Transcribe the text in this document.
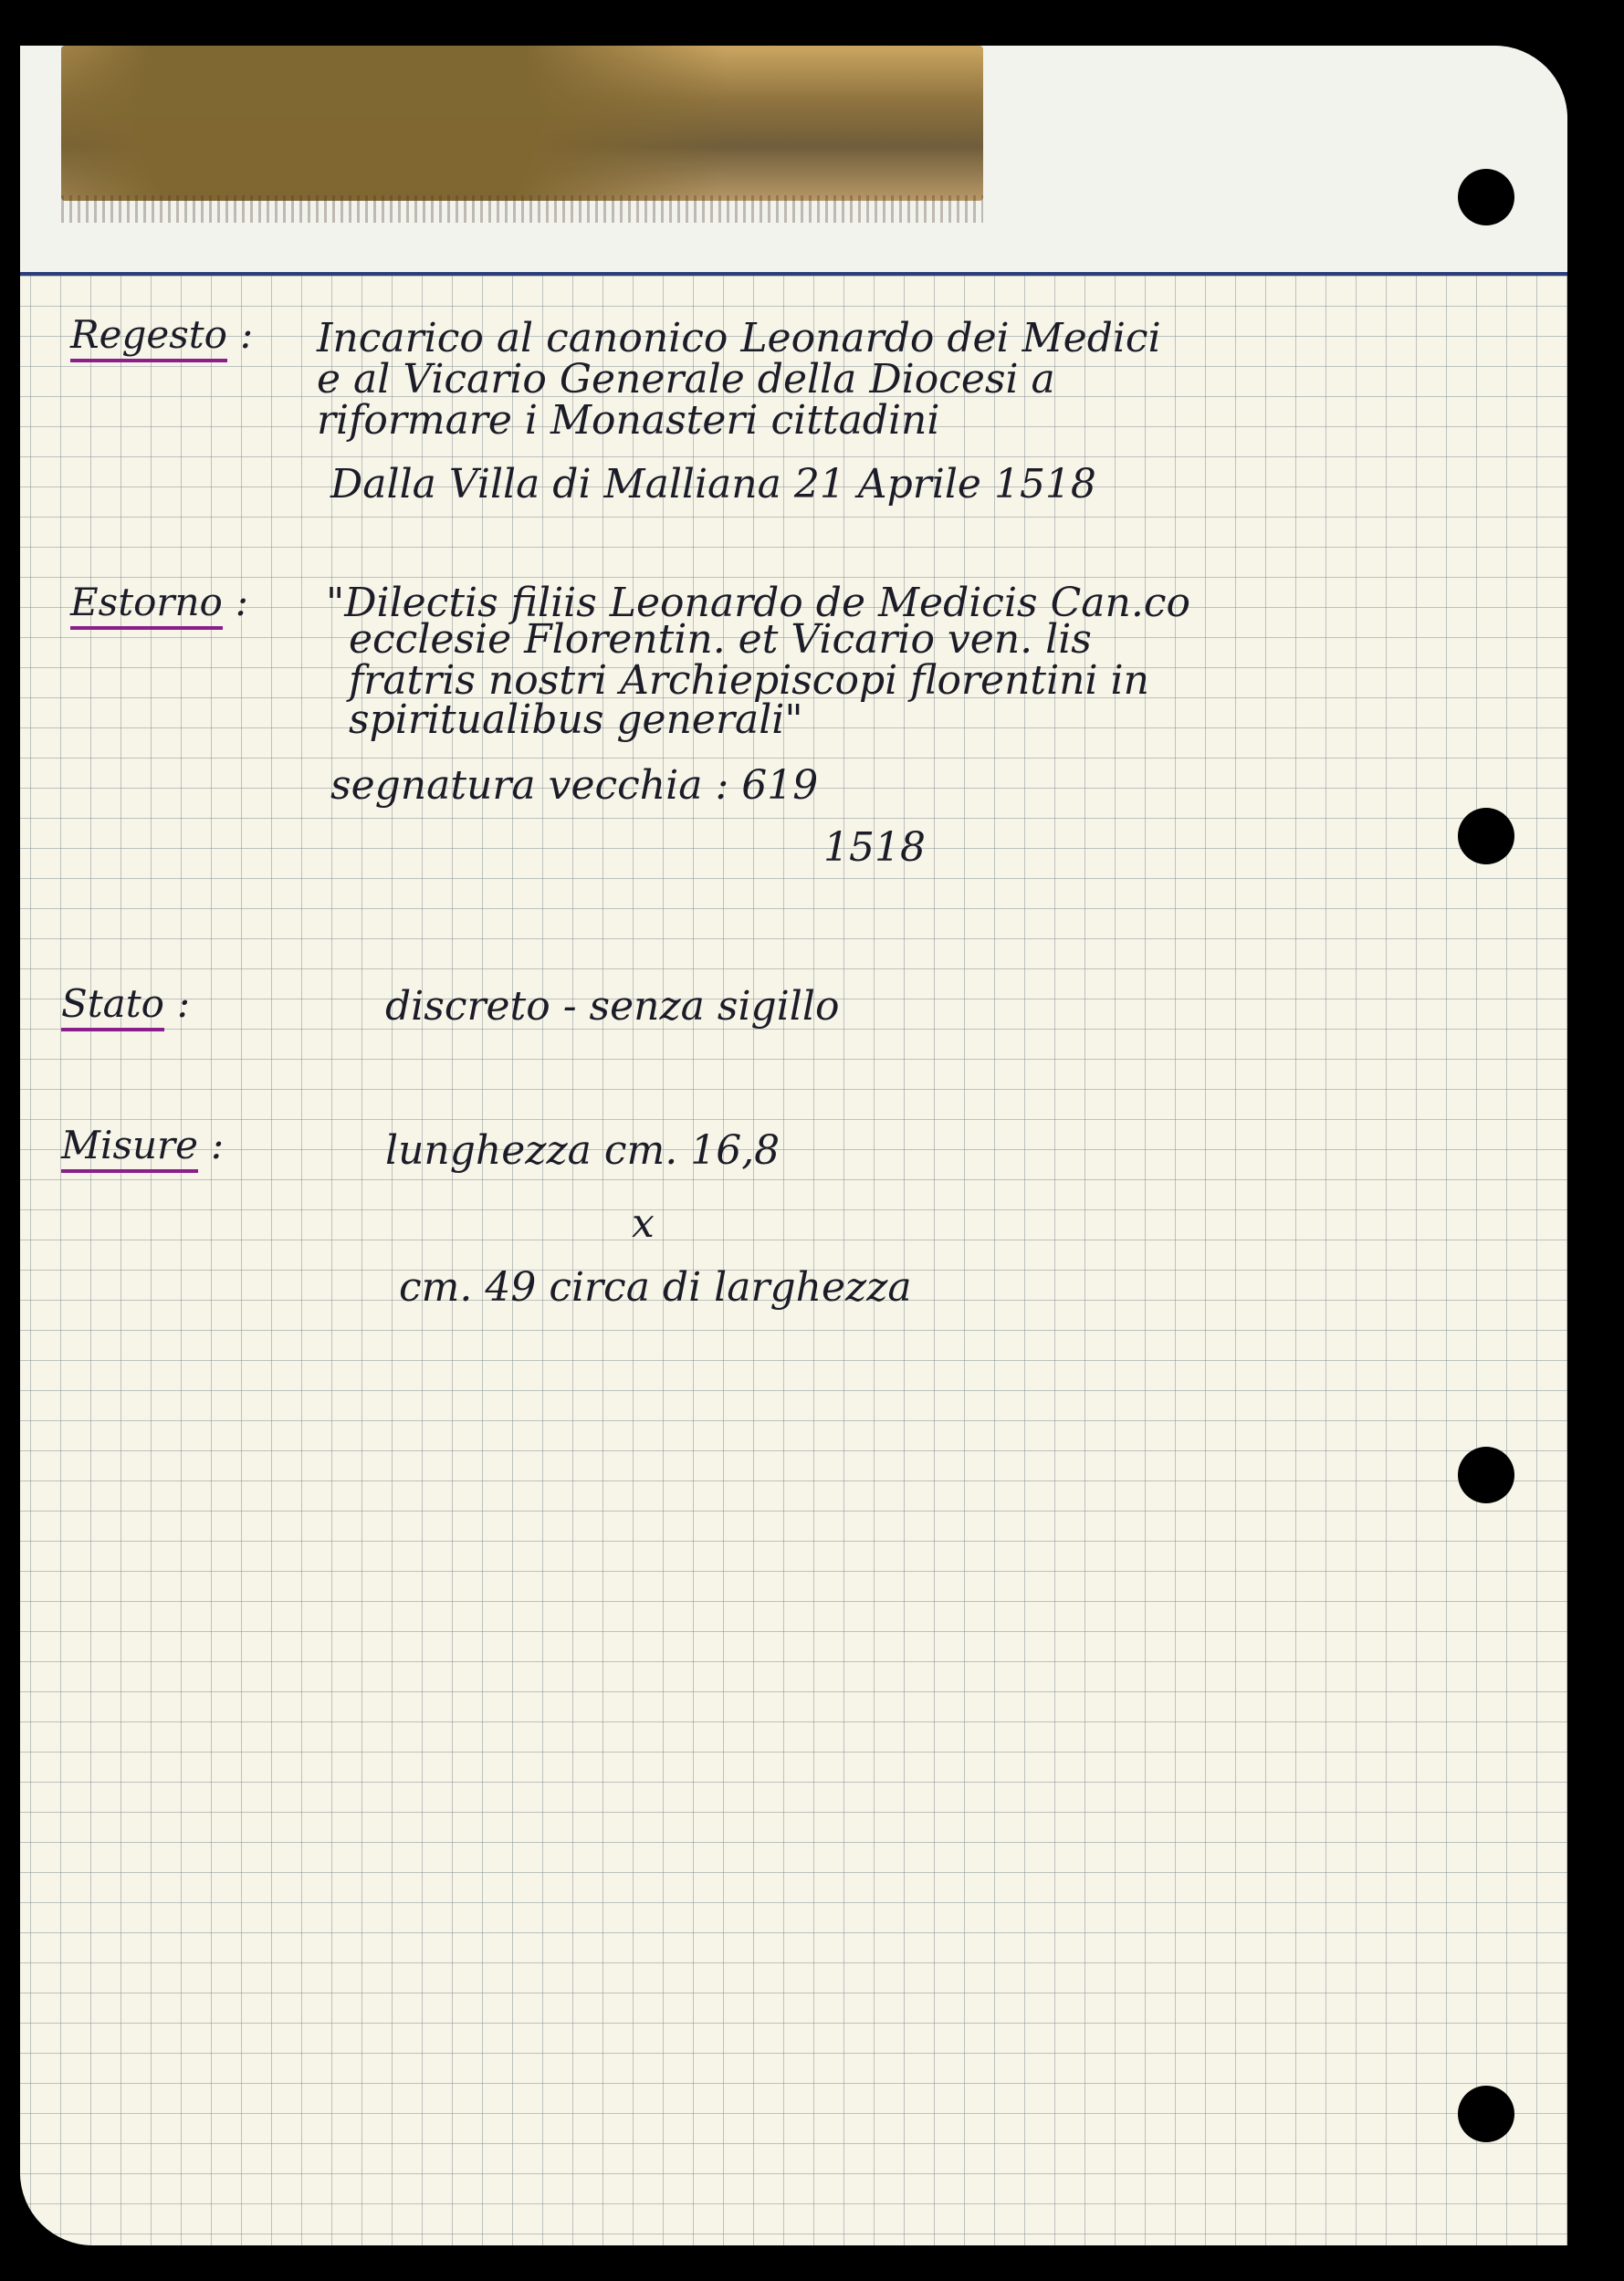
Regesto : Incarico al canonico Leonardo dei Medici
e al Vicario Generale della Diocesi a
riformare i Monasteri cittadini
Dalla Villa di Malliana 21 Aprile 1518
Estorno : "Dilectis filiis Leonardo de Medicis Can.co
ecclesie Florentin. et Vicario ven. lis
fratris nostri Archiepiscopi florentini in
spiritualibus generali"
segnatura vecchia : 619
1518
Stato :	discreto - senza sigillo
Misure :	lunghezza cm. 16,8
x
cm. 49 circa di larghezza
